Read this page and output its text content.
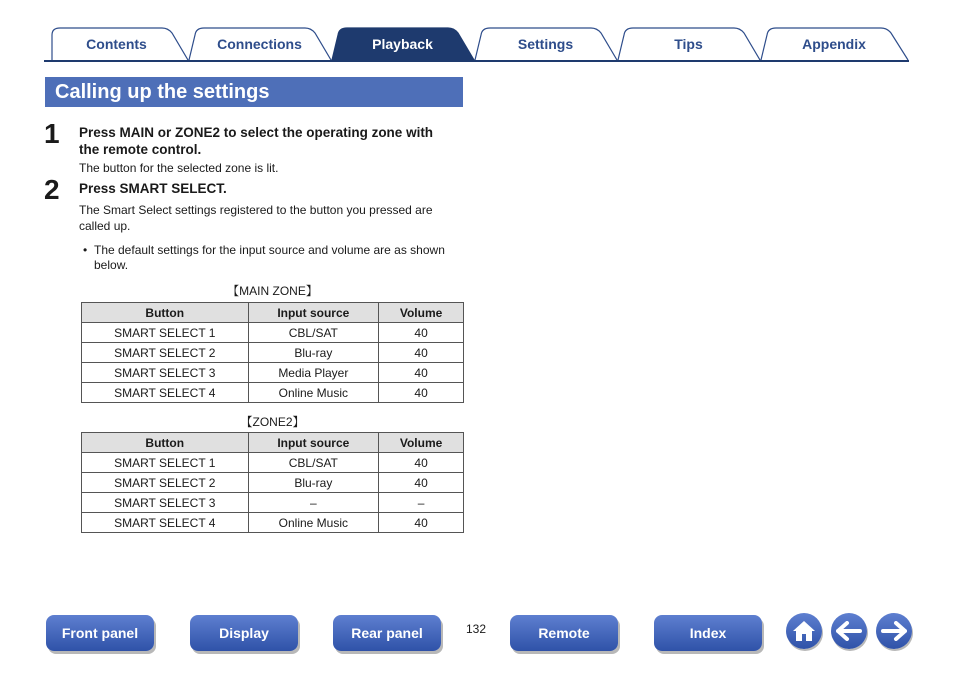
Contents	Connections	Playback	Settings	Tips	Appendix
Calling up the settings
1 Press MAIN or ZONE2 to select the operating zone with
the remote control.
The button for the selected zone is lit.
2 Press SMART SELECT.
The Smart Select settings registered to the button you pressed are
called up.
• The default settings for the input source and volume are as shown
below.
【MAIN ZONE】
Button	Input source	Volume
SMART SELECT 1	CBL/SAT	40
SMART SELECT 2	Blu-ray	40
SMART SELECT 3	Media Player	40
SMART SELECT 4	Online Music	40
【ZONE2】
Button	Input source	Volume
SMART SELECT 1	CBL/SAT	40
SMART SELECT 2	Blu-ray	40
SMART SELECT 3	–	–
SMART SELECT 4	Online Music	40
Front panel	Display	Rear panel	132	Remote	Index
